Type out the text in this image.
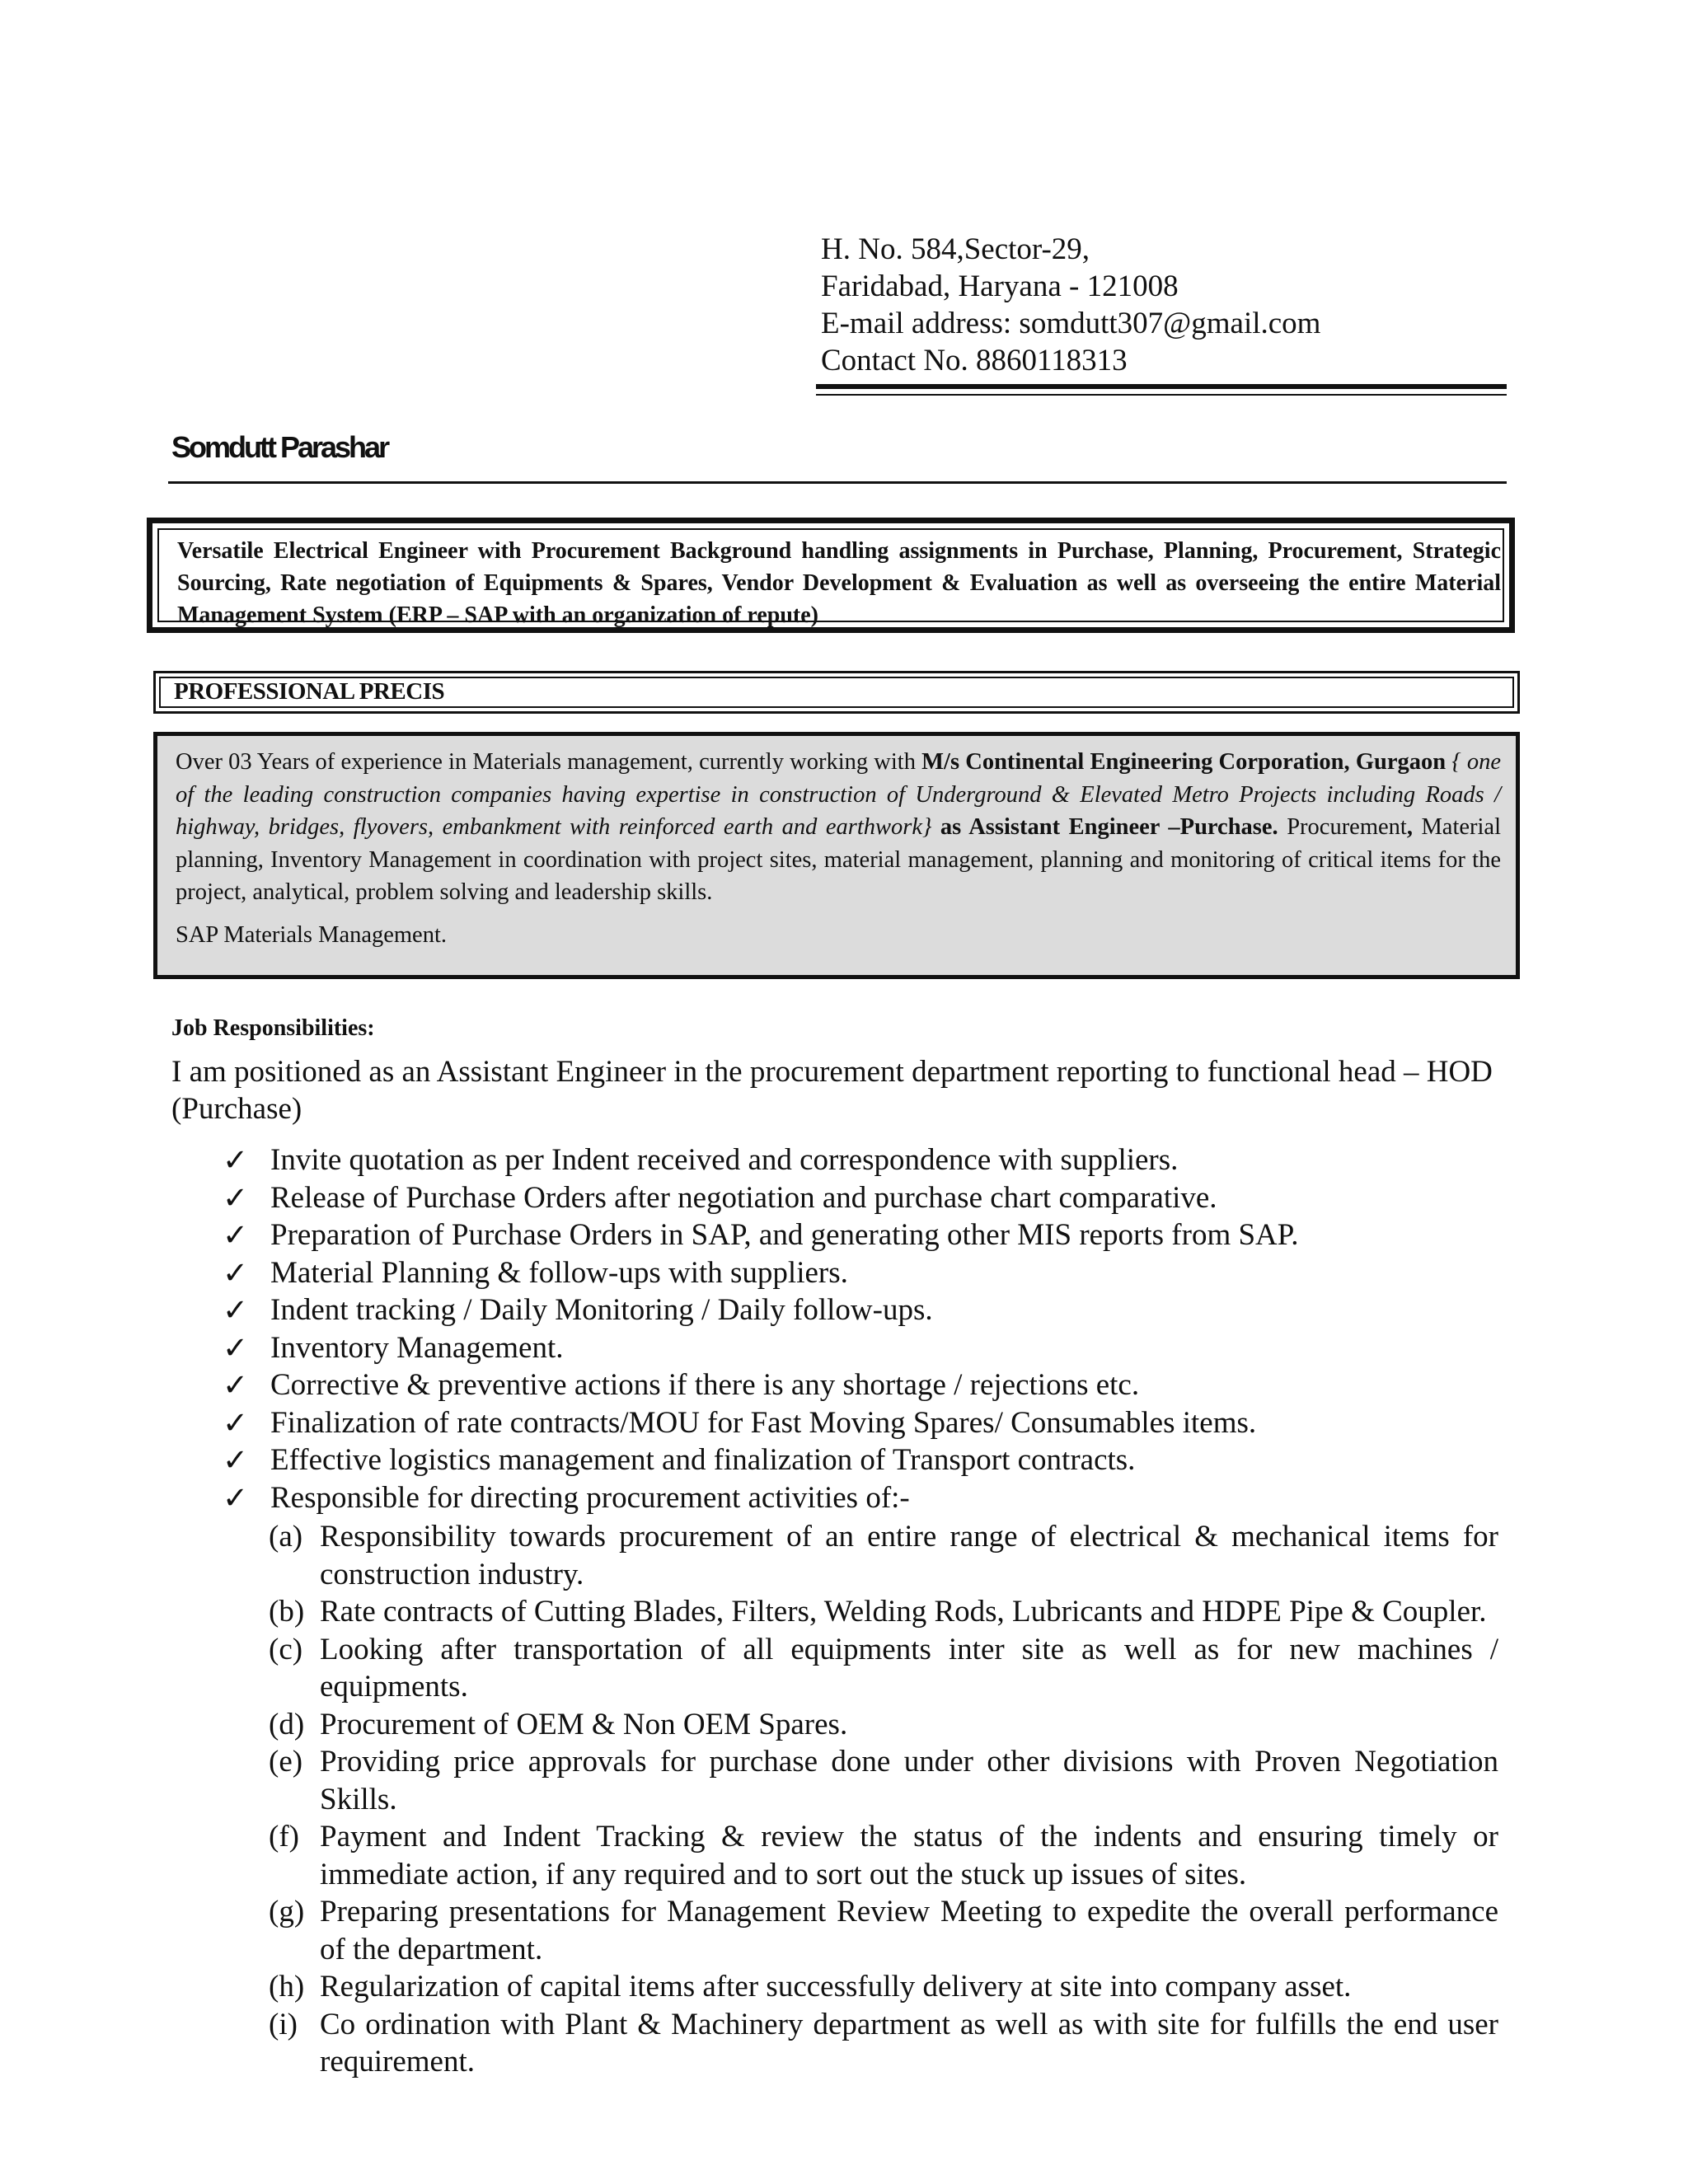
H. No. 584,Sector-29,
Faridabad, Haryana - 121008
E-mail address: somdutt307@gmail.com
Contact No. 8860118313
Somdutt Parashar
Versatile Electrical Engineer with Procurement Background handling assignments in Purchase, Planning, Procurement, Strategic Sourcing, Rate negotiation of Equipments & Spares, Vendor Development & Evaluation as well as overseeing the entire Material Management System (ERP – SAP with an organization of repute)
PROFESSIONAL PRECIS
Over 03 Years of experience in Materials management, currently working with M/s Continental Engineering Corporation, Gurgaon { one of the leading construction companies having expertise in construction of Underground & Elevated Metro Projects including Roads / highway, bridges, flyovers, embankment with reinforced earth and earthwork} as Assistant Engineer –Purchase. Procurement, Material planning, Inventory Management in coordination with project sites, material management, planning and monitoring of critical items for the project, analytical, problem solving and leadership skills.
SAP Materials Management.
Job Responsibilities:
I am positioned as an Assistant Engineer in the procurement department reporting to functional head – HOD (Purchase)
✓ Invite quotation as per Indent received and correspondence with suppliers.
✓ Release of Purchase Orders after negotiation and purchase chart comparative.
✓ Preparation of Purchase Orders in SAP, and generating other MIS reports from SAP.
✓ Material Planning & follow-ups with suppliers.
✓ Indent tracking / Daily Monitoring / Daily follow-ups.
✓ Inventory Management.
✓ Corrective & preventive actions if there is any shortage / rejections etc.
✓ Finalization of rate contracts/MOU for Fast Moving Spares/ Consumables items.
✓ Effective logistics management and finalization of Transport contracts.
✓ Responsible for directing procurement activities of:-
(a) Responsibility towards procurement of an entire range of electrical & mechanical items for construction industry.
(b) Rate contracts of Cutting Blades, Filters, Welding Rods, Lubricants and HDPE Pipe & Coupler.
(c) Looking after transportation of all equipments inter site as well as for new machines / equipments.
(d) Procurement of OEM & Non OEM Spares.
(e) Providing price approvals for purchase done under other divisions with Proven Negotiation Skills.
(f) Payment and Indent Tracking & review the status of the indents and ensuring timely or immediate action, if any required and to sort out the stuck up issues of sites.
(g) Preparing presentations for Management Review Meeting to expedite the overall performance of the department.
(h) Regularization of capital items after successfully delivery at site into company asset.
(i) Co ordination with Plant & Machinery department as well as with site for fulfills the end user requirement.
